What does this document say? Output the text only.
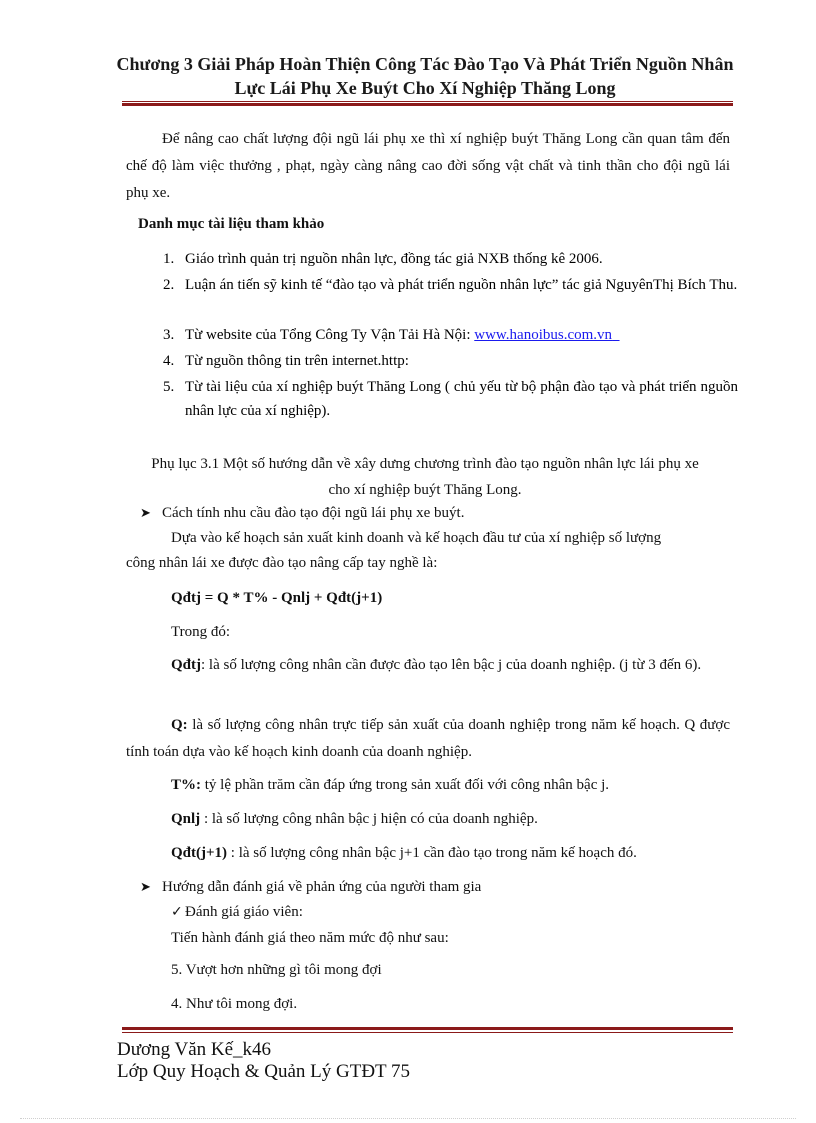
Chương 3 Giải Pháp Hoàn Thiện Công Tác Đào Tạo Và Phát Triển Nguồn Nhân
Lực Lái Phụ Xe Buýt Cho Xí Nghiệp Thăng Long
Để nâng cao chất lượng đội ngũ lái phụ xe thì xí nghiệp buýt Thăng Long cần quan tâm đến chế độ làm việc thưởng , phạt, ngày càng nâng cao đời sống vật chất và tinh thần cho đội ngũ lái phụ xe.
Danh mục tài liệu tham khảo
1. Giáo trình quản trị nguồn nhân lực, đồng tác giả NXB thống kê 2006.
2. Luận án tiến sỹ kinh tế “đào tạo và phát triển nguồn nhân lực” tác giả NguyênThị Bích Thu.
3. Từ website của Tổng Công Ty Vận Tải Hà Nội: www.hanoibus.com.vn
4. Từ nguồn thông tin trên internet.http:
5. Từ tài liệu của xí nghiệp buýt Thăng Long ( chủ yếu từ bộ phận đào tạo và phát triển nguồn nhân lực của xí nghiệp).
Phụ lục 3.1 Một số hướng dẫn về xây dưng chương trình đào tạo nguồn nhân lực lái phụ xe
cho xí nghiệp buýt Thăng Long.
➤ Cách tính nhu cầu đào tạo đội ngũ lái phụ xe buýt.
Dựa vào kế hoạch sản xuất kinh doanh và kế hoạch đầu tư của xí nghiệp số lượng
công nhân lái xe được đào tạo nâng cấp tay nghề là:
Qđtj = Q * T% - Qnlj + Qđt(j+1)
Trong đó:
Qđtj: là số lượng công nhân cần được đào tạo lên bậc j của doanh nghiệp. (j từ 3 đến 6).
Q: là số lượng công nhân trực tiếp sản xuất của doanh nghiệp trong năm kế hoạch. Q được tính toán dựa vào kế hoạch kinh doanh của doanh nghiệp.
T%: tỷ lệ phần trăm cần đáp ứng trong sản xuất đối với công nhân bậc j.
Qnlj : là số lượng công nhân bậc j hiện có của doanh nghiệp.
Qđt(j+1) : là số lượng công nhân bậc j+1 cần đào tạo trong năm kế hoạch đó.
➤ Hướng dẫn đánh giá về phản ứng của người tham gia
✓ Đánh giá giáo viên:
Tiến hành đánh giá theo năm mức độ như sau:
5. Vượt hơn những gì tôi mong đợi
4. Như tôi mong đợi.
Dương Văn Kế_k46
Lớp Quy Hoạch & Quản Lý GTĐT 75
